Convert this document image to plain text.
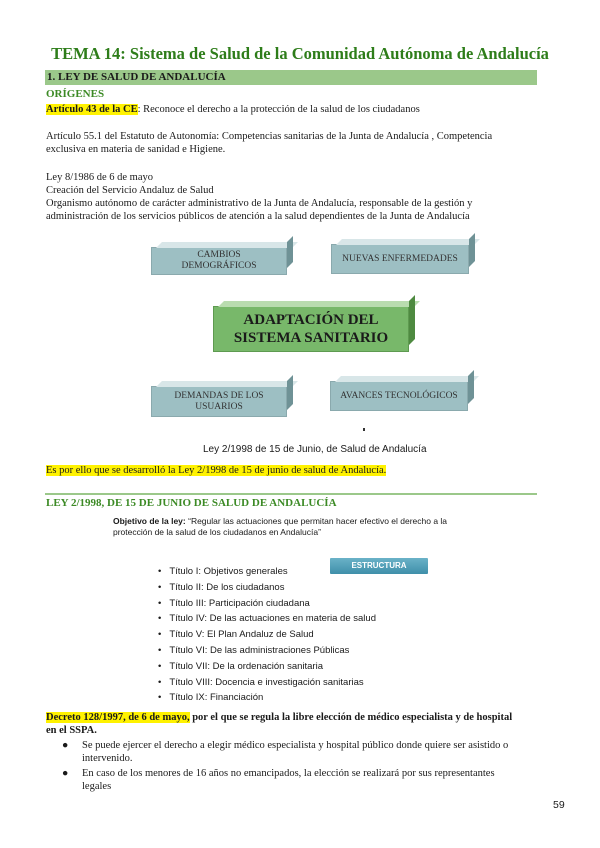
TEMA 14: Sistema de Salud de la Comunidad Autónoma de Andalucía
1. LEY DE SALUD DE ANDALUCÍA
ORÍGENES
Artículo 43 de la CE: Reconoce el derecho a la protección de la salud de los ciudadanos
Artículo 55.1 del Estatuto de Autonomía: Competencias sanitarias de la Junta de Andalucía , Competencia
exclusiva en materia de sanidad e Higiene.
Ley 8/1986 de 6 de mayo
Creación del Servicio Andaluz de Salud
Organismo autónomo de carácter administrativo de la Junta de Andalucía, responsable de la gestión y
administración de los servicios públicos de atención a la salud dependientes de la Junta de Andalucía
CAMBIOS
DEMOGRÁFICOS
NUEVAS ENFERMEDADES
ADAPTACIÓN DEL
SISTEMA SANITARIO
DEMANDAS DE LOS
USUARIOS
AVANCES TECNOLÓGICOS
Ley 2/1998 de 15 de Junio, de Salud de Andalucía
Es por ello que se desarrolló la Ley 2/1998 de 15 de junio de salud de Andalucía.
LEY 2/1998, DE 15 DE JUNIO DE SALUD DE ANDALUCÍA
Objetivo de la ley: “Regular las actuaciones que permitan hacer efectivo el derecho a la
protección de la salud de los ciudadanos en Andalucía”
ESTRUCTURA
• Título I: Objetivos generales
• Título II: De los ciudadanos
• Título III: Participación ciudadana
• Título IV: De las actuaciones en materia de salud
• Título V: El Plan Andaluz de Salud
• Título VI: De las administraciones Públicas
• Título VII: De la ordenación sanitaria
• Título VIII: Docencia e investigación sanitarias
• Título IX: Financiación
Decreto 128/1997, de 6 de mayo, por el que se regula la libre elección de médico especialista y de hospital
en el SSPA.
● Se puede ejercer el derecho a elegir médico especialista y hospital público donde quiere ser asistido o
intervenido.
● En caso de los menores de 16 años no emancipados, la elección se realizará por sus representantes
legales
59
